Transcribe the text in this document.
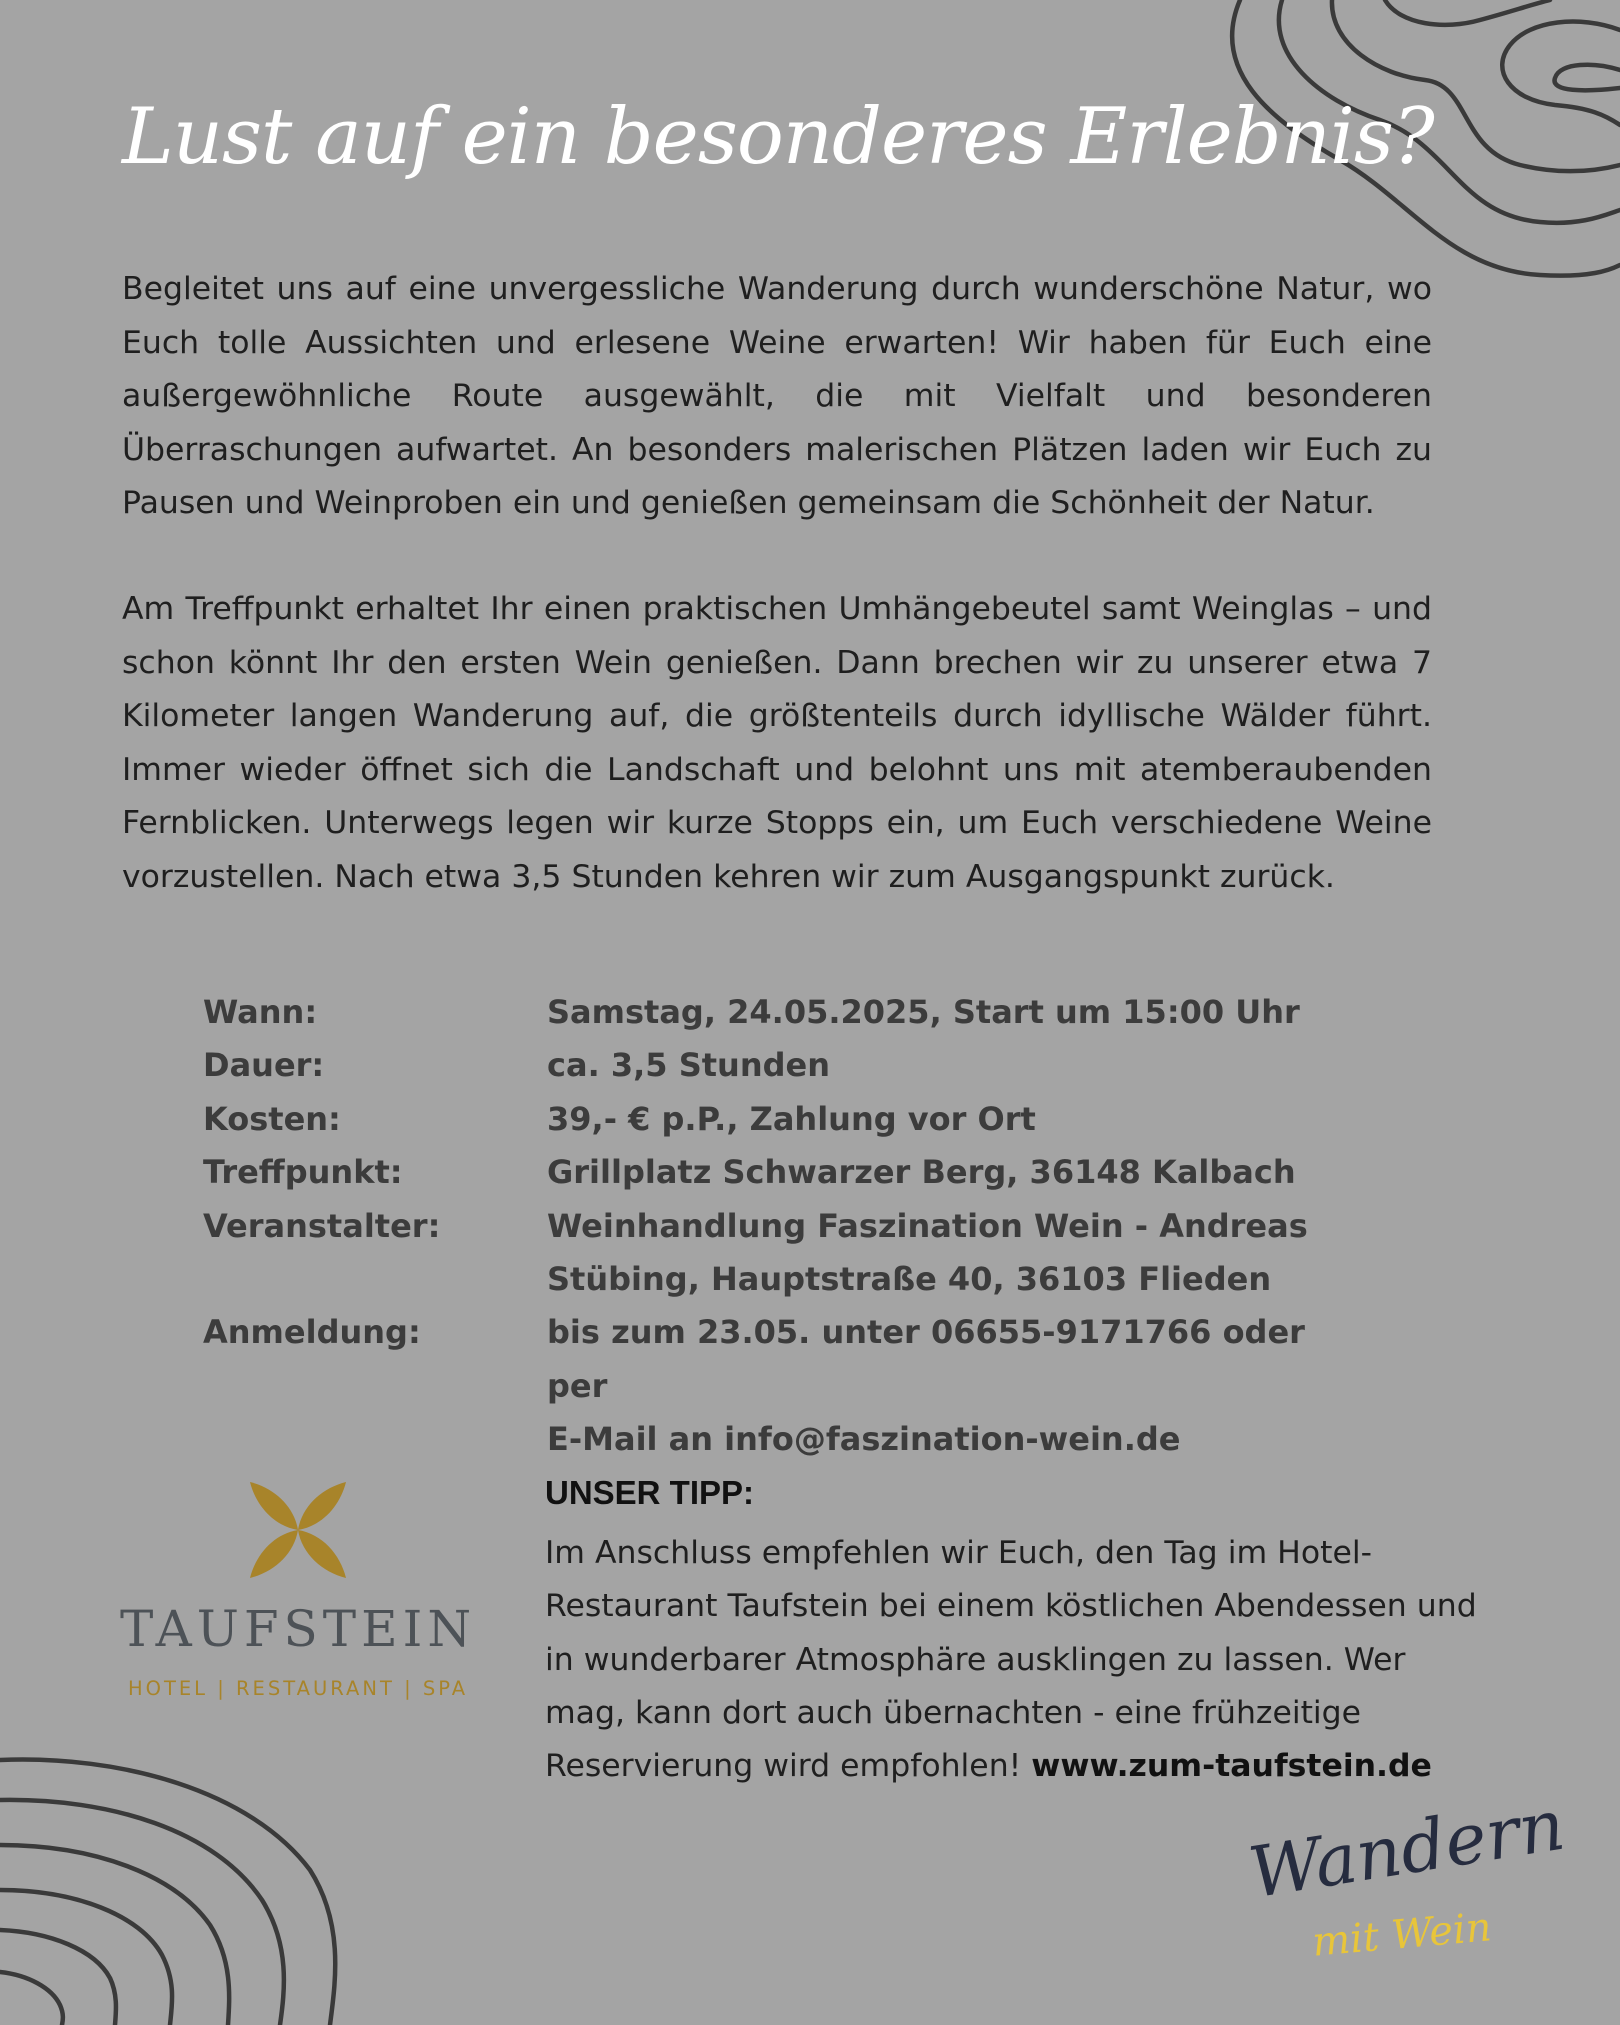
Lust auf ein besonderes Erlebnis?

Begleitet uns auf eine unvergessliche Wanderung durch wunderschöne Natur, wo Euch tolle Aussichten und erlesene Weine erwarten! Wir haben für Euch eine außergewöhnliche Route ausgewählt, die mit Vielfalt und besonderen Überraschungen aufwartet. An besonders malerischen Plätzen laden wir Euch zu Pausen und Weinproben ein und genießen gemeinsam die Schönheit der Natur.

Am Treffpunkt erhaltet Ihr einen praktischen Umhängebeutel samt Weinglas – und schon könnt Ihr den ersten Wein genießen. Dann brechen wir zu unserer etwa 7 Kilometer langen Wanderung auf, die größtenteils durch idyllische Wälder führt. Immer wieder öffnet sich die Landschaft und belohnt uns mit atemberaubenden Fernblicken. Unterwegs legen wir kurze Stopps ein, um Euch verschiedene Weine vorzustellen. Nach etwa 3,5 Stunden kehren wir zum Ausgangspunkt zurück.

Wann:	Samstag, 24.05.2025, Start um 15:00 Uhr
Dauer:	ca. 3,5 Stunden
Kosten:	39,- € p.P., Zahlung vor Ort
Treffpunkt:	Grillplatz Schwarzer Berg, 36148 Kalbach
Veranstalter:	Weinhandlung Faszination Wein - Andreas
Stübing, Hauptstraße 40, 36103 Flieden
Anmeldung:	bis zum 23.05. unter 06655-9171766 oder per
E-Mail an info@faszination-wein.de
TAUFSTEIN
HOTEL | RESTAURANT | SPA
UNSER TIPP:

Im Anschluss empfehlen wir Euch, den Tag im Hotel-Restaurant Taufstein bei einem köstlichen Abendessen und in wunderbarer Atmosphäre ausklingen zu lassen. Wer mag, kann dort auch übernachten - eine frühzeitige Reservierung wird empfohlen! www.zum-taufstein.de

Wandern
mit Wein
